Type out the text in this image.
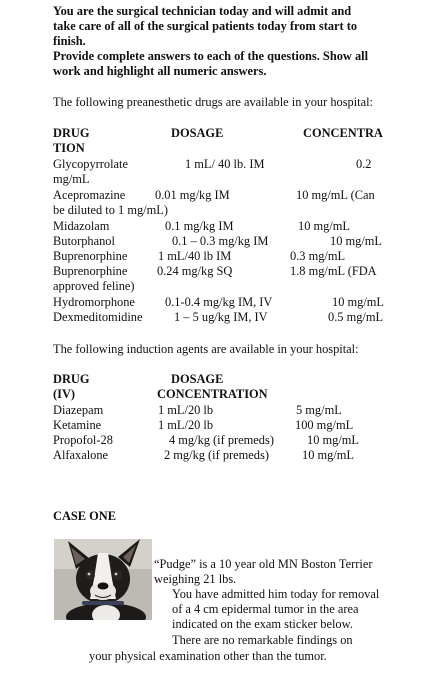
You are the surgical technician today and will admit and
take care of all of the surgical patients today from start to
finish.
Provide complete answers to each of the questions. Show all
work and highlight all numeric answers.
The following preanesthetic drugs are available in your hospital:
DRUG	DOSAGE	CONCENTRA
TION
Glycopyrrolate	1 mL/ 40 lb. IM	0.2
mg/mL
Acepromazine 0.01 mg/kg IM	10 mg/mL (Can
be diluted to 1 mg/mL)
Midazolam	0.1 mg/kg IM	10 mg/mL
Butorphanol	0.1 – 0.3 mg/kg IM	10 mg/mL
Buprenorphine 1 mL/40 lb IM	0.3 mg/mL
Buprenorphine 0.24 mg/kg SQ	1.8 mg/mL (FDA
approved feline)
Hydromorphone 0.1-0.4 mg/kg IM, IV	10 mg/mL
Dexmeditomidine	1 – 5 ug/kg IM, IV	0.5 mg/mL
The following induction agents are available in your hospital:
DRUG	DOSAGE
(IV)	CONCENTRATION
Diazepam	1 mL/20 lb	5 mg/mL
Ketamine	1 mL/20 lb	100 mg/mL
Propofol-28	4 mg/kg (if premeds)	10 mg/mL
Alfaxalone	2 mg/kg (if premeds)	10 mg/mL
CASE ONE
“Pudge” is a 10 year old MN Boston Terrier
weighing 21 lbs.
You have admitted him today for removal
of a 4 cm epidermal tumor in the area
indicated on the exam sticker below.
There are no remarkable findings on
your physical examination other than the tumor.
